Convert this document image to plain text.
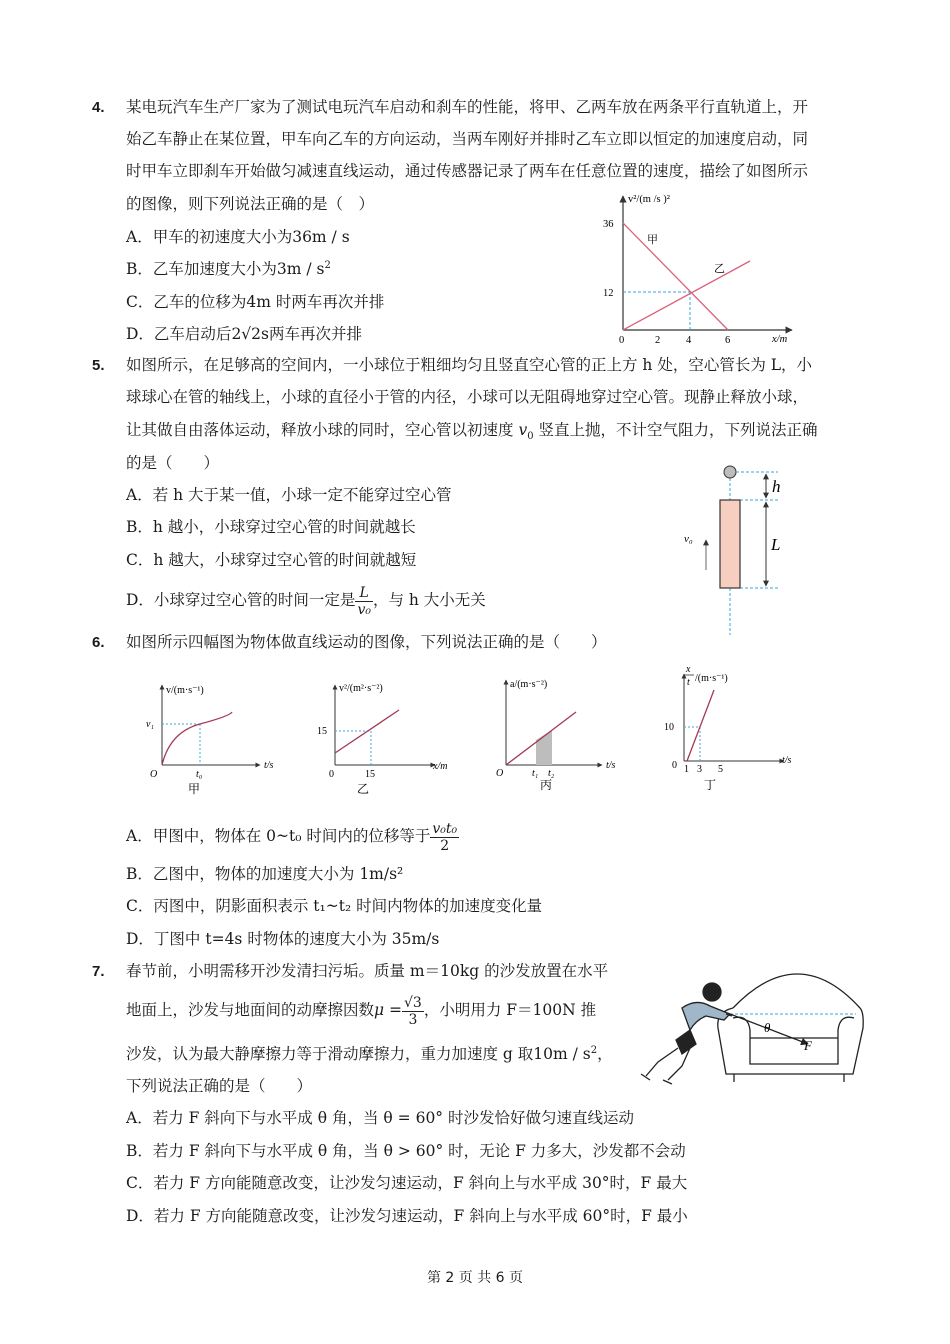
4. 某电玩汽车生产厂家为了测试电玩汽车启动和刹车的性能，将甲、乙两车放在两条平行直轨道上，开
始乙车静止在某位置，甲车向乙车的方向运动，当两车刚好并排时乙车立即以恒定的加速度启动，同
时甲车立即刹车开始做匀减速直线运动，通过传感器记录了两车在任意位置的速度，描绘了如图所示
的图像，则下列说法正确的是（　）
A．甲车的初速度大小为36m / s
B．乙车加速度大小为$3m / s^2$
C．乙车的位移为4m 时两车再次并排
D．乙车启动后2√2s两车再次并排
v²/(m /s )²
x/m
36
12
0	2 4	6
甲
乙
5. 如图所示，在足够高的空间内，一小球位于粗细均匀且竖直空心管的正上方 h 处，空心管长为 L，小
球球心在管的轴线上，小球的直径小于管的内径，小球可以无阻碍地穿过空心管。现静止释放小球，
让其做自由落体运动，释放小球的同时，空心管以初速度 $v_0$ 竖直上抛，不计空气阻力，下列说法正确
的是（　　）
A．若 h 大于某一值，小球一定不能穿过空心管
B．h 越小，小球穿过空心管的时间就越长
C．h 越大，小球穿过空心管的时间就越短
D．小球穿过空心管的时间一定是 $\frac{L}{\text{v₀}}$ ，与 h 大小无关
h
L
v₀
6. 如图所示四幅图为物体做直线运动的图像，下列说法正确的是（　　）
v/(m·s⁻¹)
t/s
v₁
t₀
O
甲
v²/(m²·s⁻²)
x/m
15
15
0
乙
a/(m·s⁻²)
t/s
O	t₁ t₂
丙
x
t /(m·s⁻¹)
t/s
10
0 1 3 5
丁
A．甲图中，物体在 0~t₀ 时间内的位移等于 $\frac{\text{v₀t₀}}{2}$
B．乙图中，物体的加速度大小为 1m/s²
C．丙图中，阴影面积表示 t₁~t₂ 时间内物体的加速度变化量
D．丁图中 t=4s 时物体的速度大小为 35m/s
7. 春节前，小明需移开沙发清扫污垢。质量 m＝10kg 的沙发放置在水平
地面上，沙发与地面间的动摩擦因数$\mu = \frac{√3}{3}$ ，小明用力 F＝100N 推
沙发，认为最大静摩擦力等于滑动摩擦力，重力加速度 g 取$10m / s^2$，
下列说法正确的是（　　）
A．若力 F 斜向下与水平成 θ 角，当 θ = 60° 时沙发恰好做匀速直线运动
B．若力 F 斜向下与水平成 θ 角，当 θ > 60° 时，无论 F 力多大，沙发都不会动
C．若力 F 方向能随意改变，让沙发匀速运动，F 斜向上与水平成 30°时，F 最大
D．若力 F 方向能随意改变，让沙发匀速运动，F 斜向上与水平成 60°时，F 最小
θ
F
第 2 页 共 6 页
